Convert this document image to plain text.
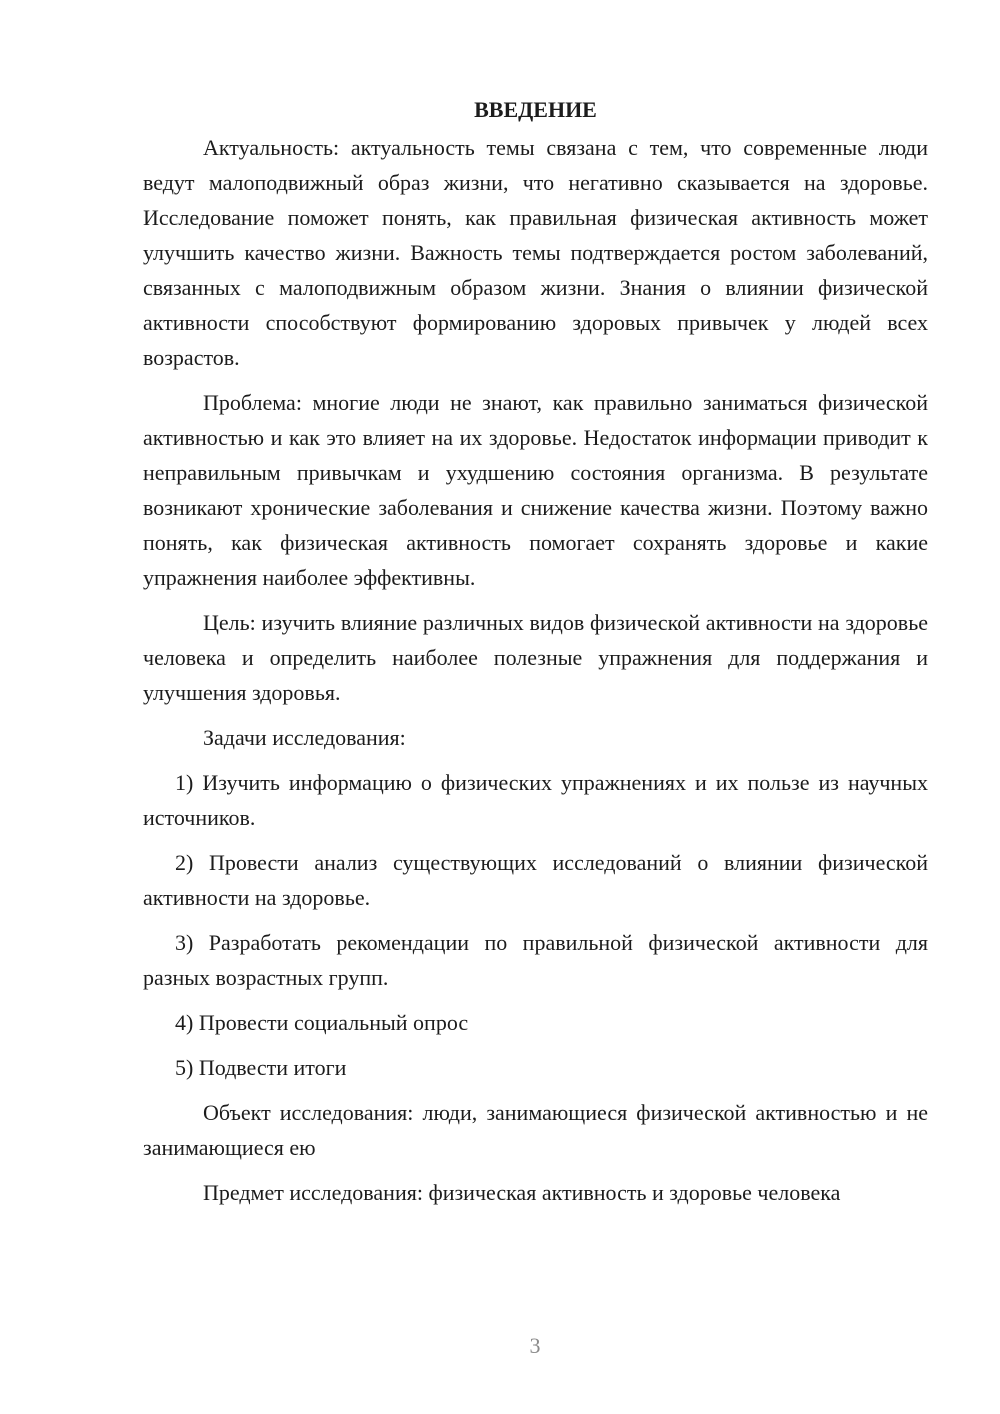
ВВЕДЕНИЕ

Актуальность: актуальность темы связана с тем, что современные люди ведут малоподвижный образ жизни, что негативно сказывается на здоровье. Исследование поможет понять, как правильная физическая активность может улучшить качество жизни. Важность темы подтверждается ростом заболеваний, связанных с малоподвижным образом жизни. Знания о влиянии физической активности способствуют формированию здоровых привычек у людей всех возрастов.

Проблема: многие люди не знают, как правильно заниматься физической активностью и как это влияет на их здоровье. Недостаток информации приводит к неправильным привычкам и ухудшению состояния организма. В результате возникают хронические заболевания и снижение качества жизни. Поэтому важно понять, как физическая активность помогает сохранять здоровье и какие упражнения наиболее эффективны.

Цель: изучить влияние различных видов физической активности на здоровье человека и определить наиболее полезные упражнения для поддержания и улучшения здоровья.

Задачи исследования:

1) Изучить информацию о физических упражнениях и их пользе из научных источников.

2) Провести анализ существующих исследований о влиянии физической активности на здоровье.

3) Разработать рекомендации по правильной физической активности для разных возрастных групп.

4) Провести социальный опрос

5) Подвести итоги

Объект исследования: люди, занимающиеся физической активностью и не занимающиеся ею

Предмет исследования: физическая активность и здоровье человека

3
